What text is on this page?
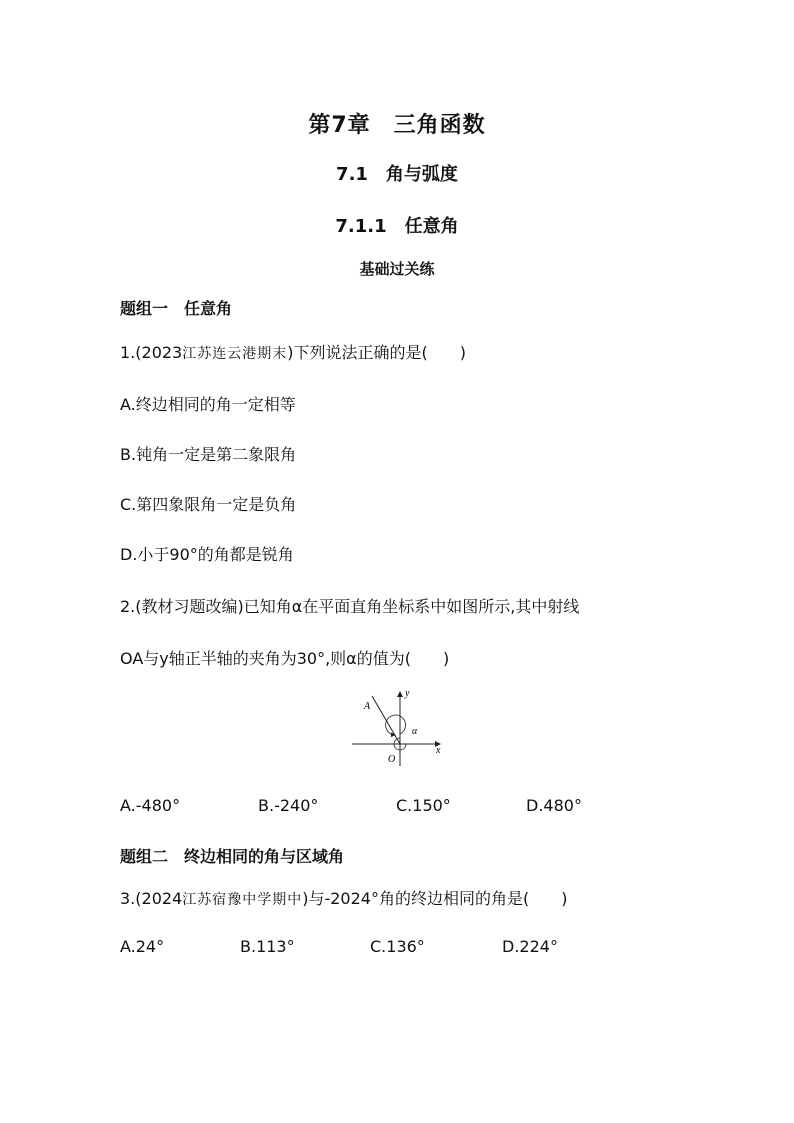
第7章　三角函数
7.1　角与弧度
7.1.1　任意角
基础过关练
题组一　任意角
1.(2023江苏连云港期末)下列说法正确的是(　　)
A.终边相同的角一定相等
B.钝角一定是第二象限角
C.第四象限角一定是负角
D.小于90°的角都是锐角
2.(教材习题改编)已知角α在平面直角坐标系中如图所示,其中射线
OA与y轴正半轴的夹角为30°,则α的值为(　　)
y
x
A
O
α
A.-480°	B.-240°	C.150°	D.480°
题组二　终边相同的角与区域角
3.(2024江苏宿豫中学期中)与-2024°角的终边相同的角是(　　)
A.24°	B.113°	C.136°	D.224°
